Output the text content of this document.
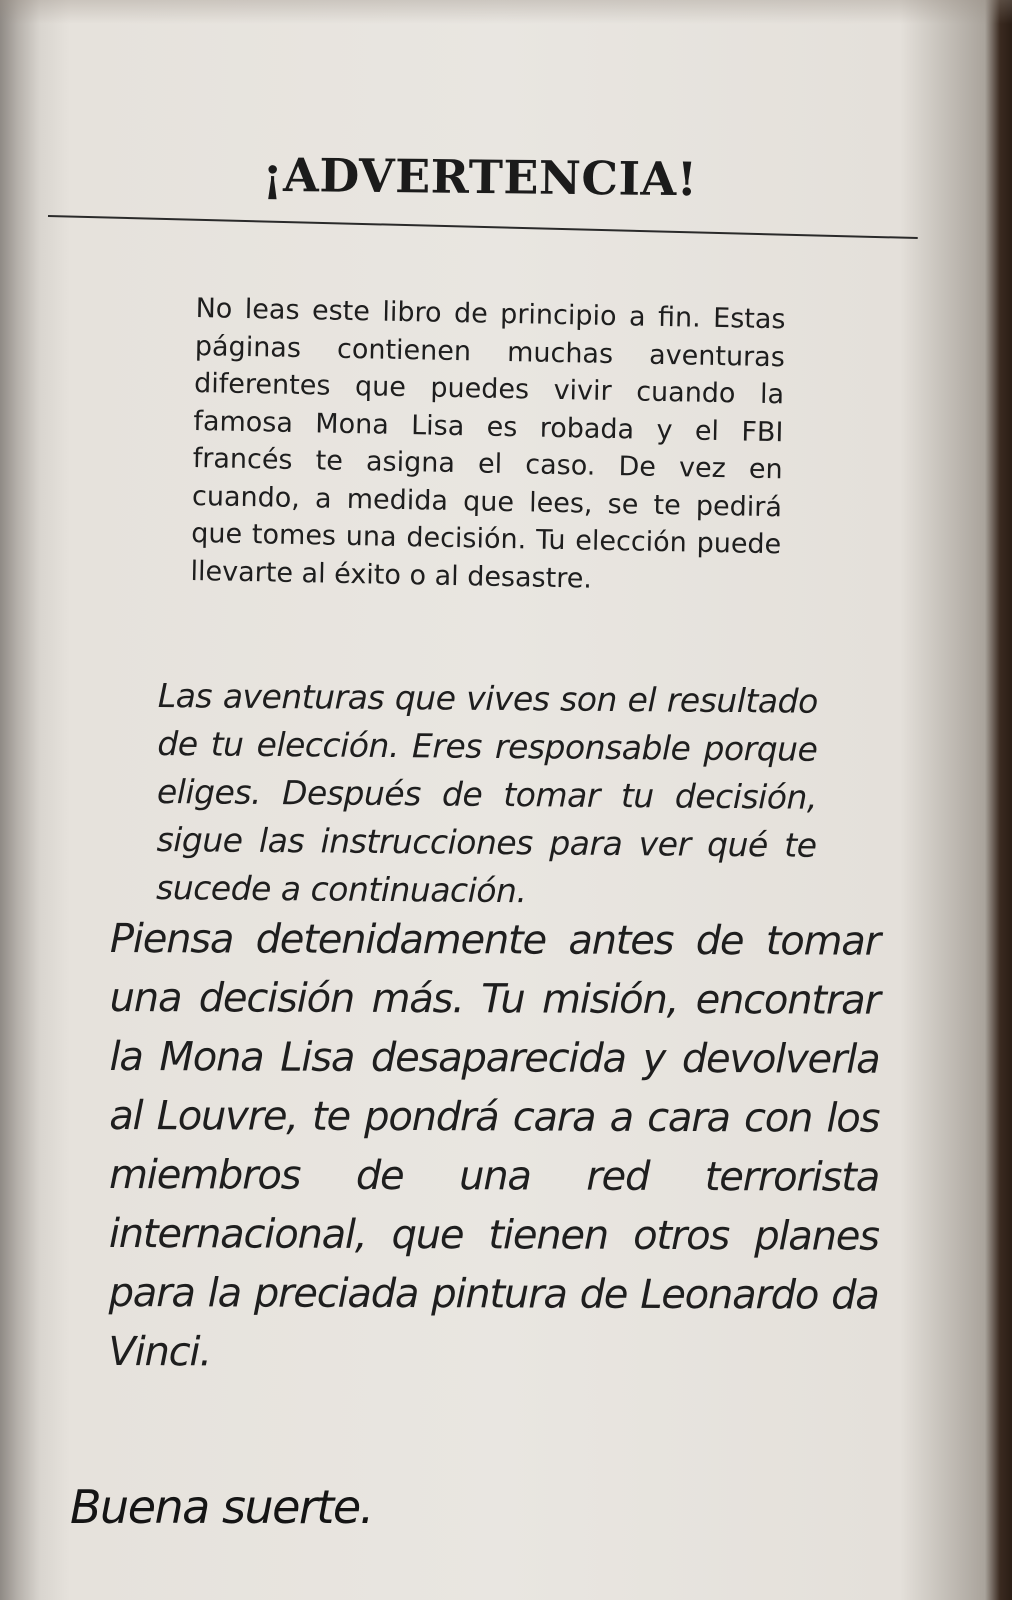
¡ADVERTENCIA!
No leas este libro de principio a fin. Estas páginas contienen muchas aventuras diferentes que puedes vivir cuando la famosa Mona Lisa es robada y el FBI francés te asigna el caso. De vez en cuando, a medida que lees, se te pedirá que tomes una decisión. Tu elección puede llevarte al éxito o al desastre.
Las aventuras que vives son el resultado de tu elección. Eres responsable porque eliges. Después de tomar tu decisión, sigue las instrucciones para ver qué te sucede a continuación.
Piensa detenidamente antes de tomar una decisión más. Tu misión, encontrar la Mona Lisa desaparecida y devolverla al Louvre, te pondrá cara a cara con los miembros de una red terrorista internacional, que tienen otros planes para la preciada pintura de Leonardo da Vinci.
Buena suerte.
